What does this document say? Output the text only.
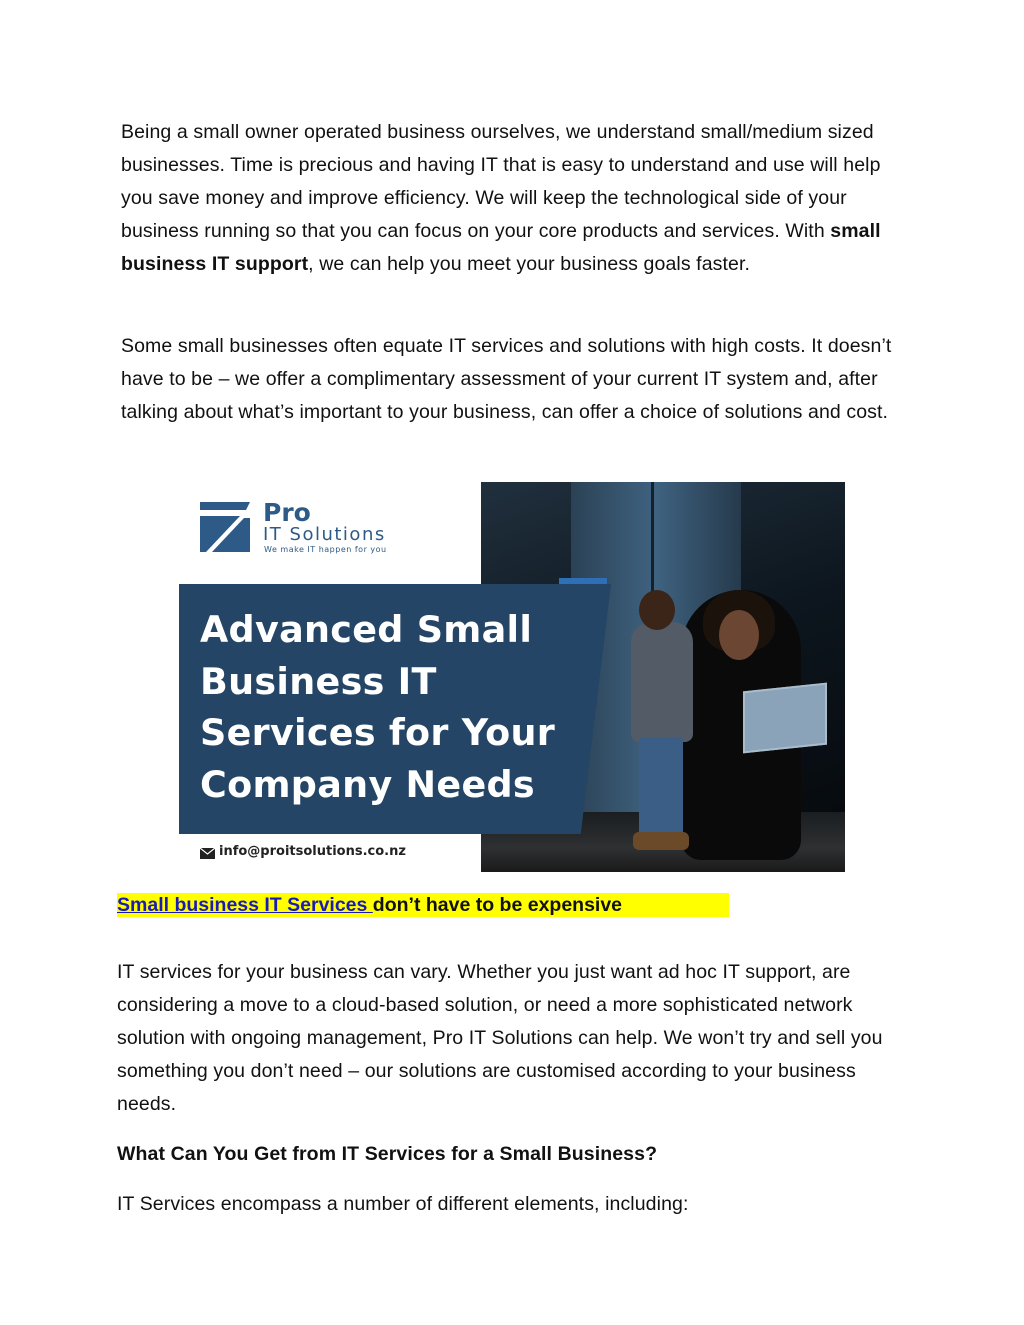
Being a small owner operated business ourselves, we understand small/medium sized businesses. Time is precious and having IT that is easy to understand and use will help you save money and improve efficiency. We will keep the technological side of your business running so that you can focus on your core products and services. With small business IT support, we can help you meet your business goals faster.

Some small businesses often equate IT services and solutions with high costs. It doesn’t have to be – we offer a complimentary assessment of your current IT system and, after talking about what’s important to your business, can offer a choice of solutions and cost.

Pro
IT Solutions
We make IT happen for you

Advanced Small Business IT Services for Your Company Needs

info@proitsolutions.co.nz
Small business IT Services don’t have to be expensive

IT services for your business can vary. Whether you just want ad hoc IT support, are considering a move to a cloud-based solution, or need a more sophisticated network solution with ongoing management, Pro IT Solutions can help. We won’t try and sell you something you don’t need – our solutions are customised according to your business needs.

What Can You Get from IT Services for a Small Business?

IT Services encompass a number of different elements, including:
